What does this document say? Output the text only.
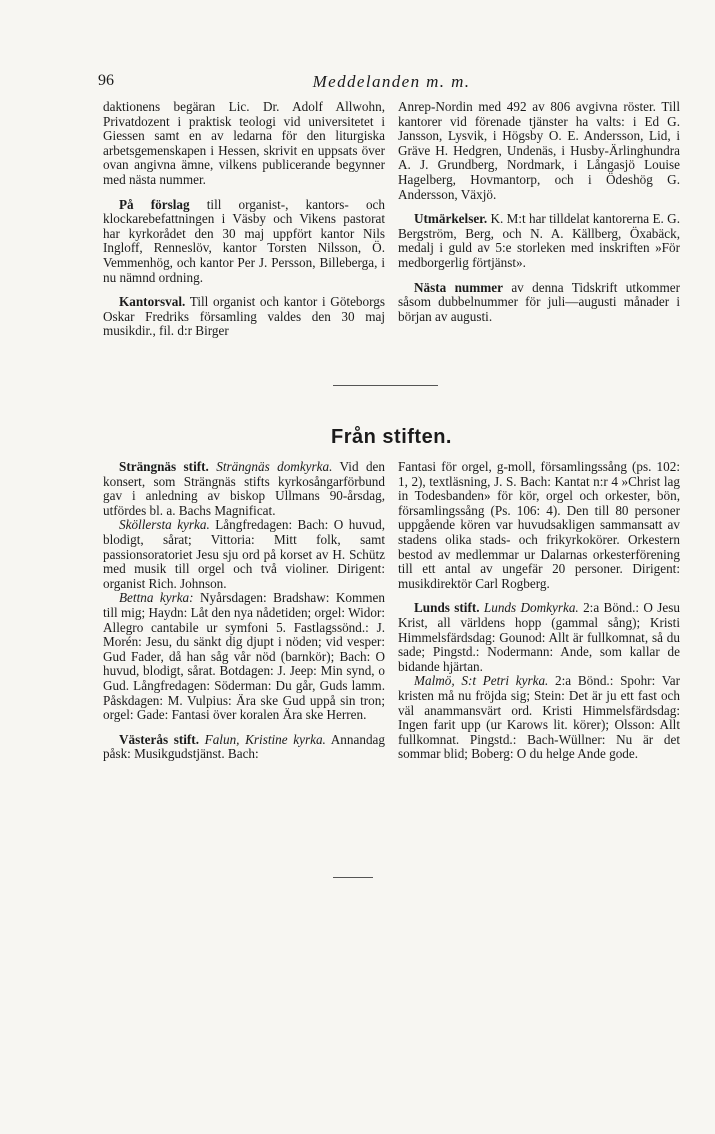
96	Meddelanden m. m.

daktionens begäran Lic. Dr. Adolf Allwohn, Privatdozent i praktisk teologi vid universitetet i Giessen samt en av ledarna för den liturgiska arbetsgemenskapen i Hessen, skrivit en uppsats över ovan angivna ämne, vilkens publicerande begynner med nästa nummer.

På förslag till organist-, kantors- och klockarebefattningen i Väsby och Vikens pastorat har kyrkorådet den 30 maj uppfört kantor Nils Ingloff, Renneslöv, kantor Torsten Nilsson, Ö. Vemmenhög, och kantor Per J. Persson, Billeberga, i nu nämnd ordning.

Kantorsval. Till organist och kantor i Göteborgs Oskar Fredriks församling valdes den 30 maj musikdir., fil. d:r Birger

Anrep-Nordin med 492 av 806 avgivna röster. Till kantorer vid förenade tjänster ha valts: i Ed G. Jansson, Lysvik, i Högsby O. E. Andersson, Lid, i Gräve H. Hedgren, Undenäs, i Husby-Ärlinghundra A. J. Grundberg, Nordmark, i Långasjö Louise Hagelberg, Hovmantorp, och i Ödeshög G. Andersson, Växjö.

Utmärkelser. K. M:t har tilldelat kantorerna E. G. Bergström, Berg, och N. A. Källberg, Öxabäck, medalj i guld av 5:e storleken med inskriften »För medborgerlig förtjänst».

Nästa nummer av denna Tidskrift utkommer såsom dubbelnummer för juli—augusti månader i början av augusti.

Från stiften.

Strängnäs stift. Strängnäs domkyrka. Vid den konsert, som Strängnäs stifts kyrkosångarförbund gav i anledning av biskop Ullmans 90-årsdag, utfördes bl. a. Bachs Magnificat.

Sköllersta kyrka. Långfredagen: Bach: O huvud, blodigt, sårat; Vittoria: Mitt folk, samt passionsoratoriet Jesu sju ord på korset av H. Schütz med musik till orgel och två violiner. Dirigent: organist Rich. Johnson.

Bettna kyrka: Nyårsdagen: Bradshaw: Kommen till mig; Haydn: Låt den nya nådetiden; orgel: Widor: Allegro cantabile ur symfoni 5. Fastlagssönd.: J. Morén: Jesu, du sänkt dig djupt i nöden; vid vesper: Gud Fader, då han såg vår nöd (barnkör); Bach: O huvud, blodigt, sårat. Botdagen: J. Jeep: Min synd, o Gud. Långfredagen: Söderman: Du går, Guds lamm. Påskdagen: M. Vulpius: Ära ske Gud uppå sin tron; orgel: Gade: Fantasi över koralen Ära ske Herren.

Västerås stift. Falun, Kristine kyrka. Annandag påsk: Musikgudstjänst. Bach:

Fantasi för orgel, g-moll, församlingssång (ps. 102: 1, 2), textläsning, J. S. Bach: Kantat n:r 4 »Christ lag in Todesbanden» för kör, orgel och orkester, bön, församlingssång (Ps. 106: 4). Den till 80 personer uppgående kören var huvudsakligen sammansatt av stadens olika stads- och frikyrkokörer. Orkestern bestod av medlemmar ur Dalarnas orkesterförening till ett antal av ungefär 20 personer. Dirigent: musikdirektör Carl Rogberg.

Lunds stift. Lunds Domkyrka. 2:a Bönd.: O Jesu Krist, all världens hopp (gammal sång); Kristi Himmelsfärdsdag: Gounod: Allt är fullkomnat, så du sade; Pingstd.: Nodermann: Ande, som kallar de bidande hjärtan.

Malmö, S:t Petri kyrka. 2:a Bönd.: Spohr: Var kristen må nu fröjda sig; Stein: Det är ju ett fast och väl anammansvärt ord. Kristi Himmelsfärdsdag: Ingen farit upp (ur Karows lit. körer); Olsson: Allt fullkomnat. Pingstd.: Bach-Wüllner: Nu är det sommar blid; Boberg: O du helge Ande gode.
